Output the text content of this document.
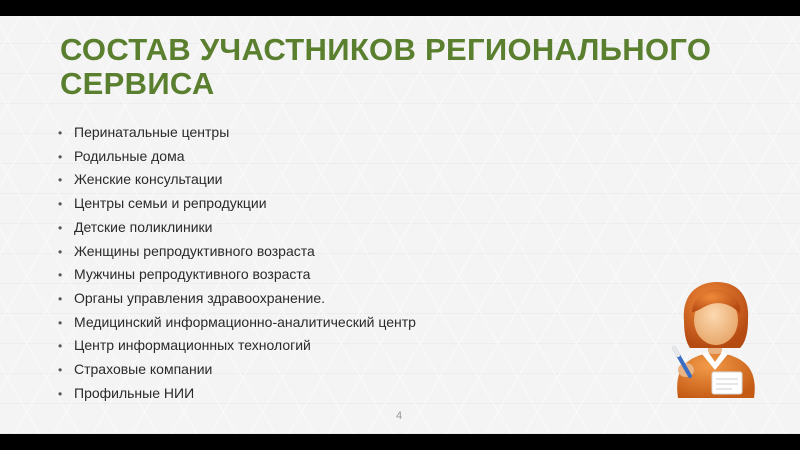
СОСТАВ УЧАСТНИКОВ РЕГИОНАЛЬНОГО СЕРВИСА
• Перинатальные центры
• Родильные дома
• Женские консультации
• Центры семьи и репродукции
• Детские поликлиники
• Женщины репродуктивного возраста
• Мужчины репродуктивного возраста
• Органы управления здравоохранение.
• Медицинский информационно-аналитический центр
• Центр информационных технологий
• Страховые компании
• Профильные НИИ
4
